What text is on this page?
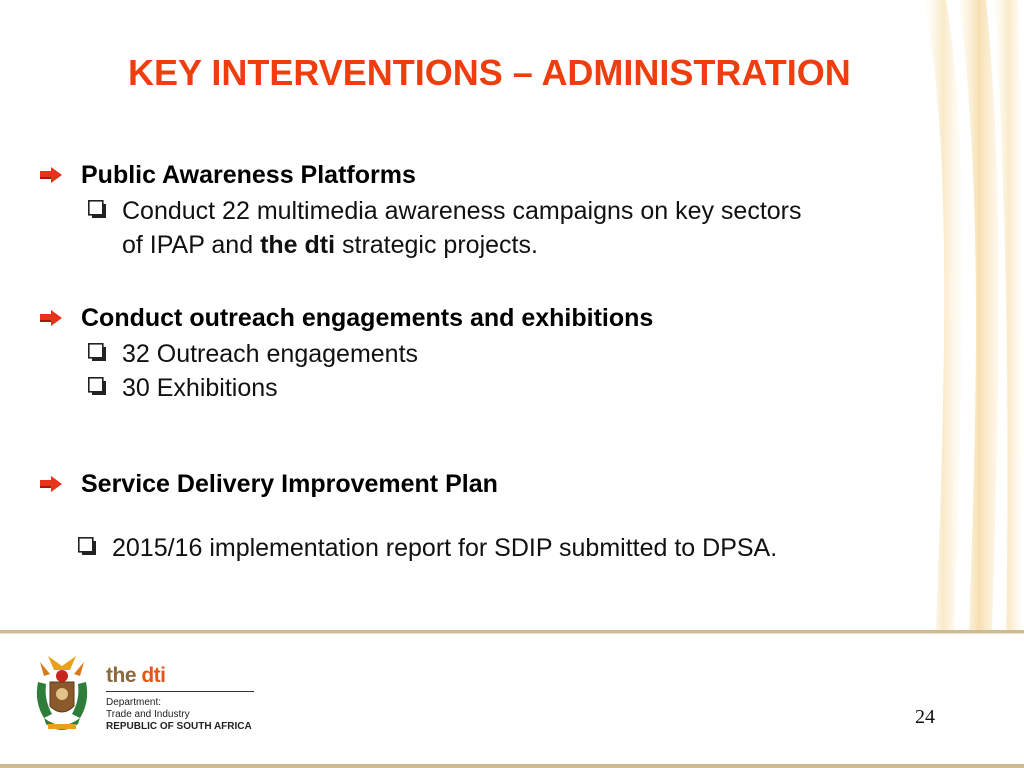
KEY INTERVENTIONS – ADMINISTRATION
Public Awareness Platforms
Conduct 22 multimedia awareness campaigns on key sectors
of IPAP and the dti strategic projects.
Conduct outreach engagements and exhibitions
32 Outreach engagements
30 Exhibitions
Service Delivery Improvement Plan
2015/16 implementation report for SDIP submitted to DPSA.
the dti
Department:
Trade and Industry
REPUBLIC OF SOUTH AFRICA	24
